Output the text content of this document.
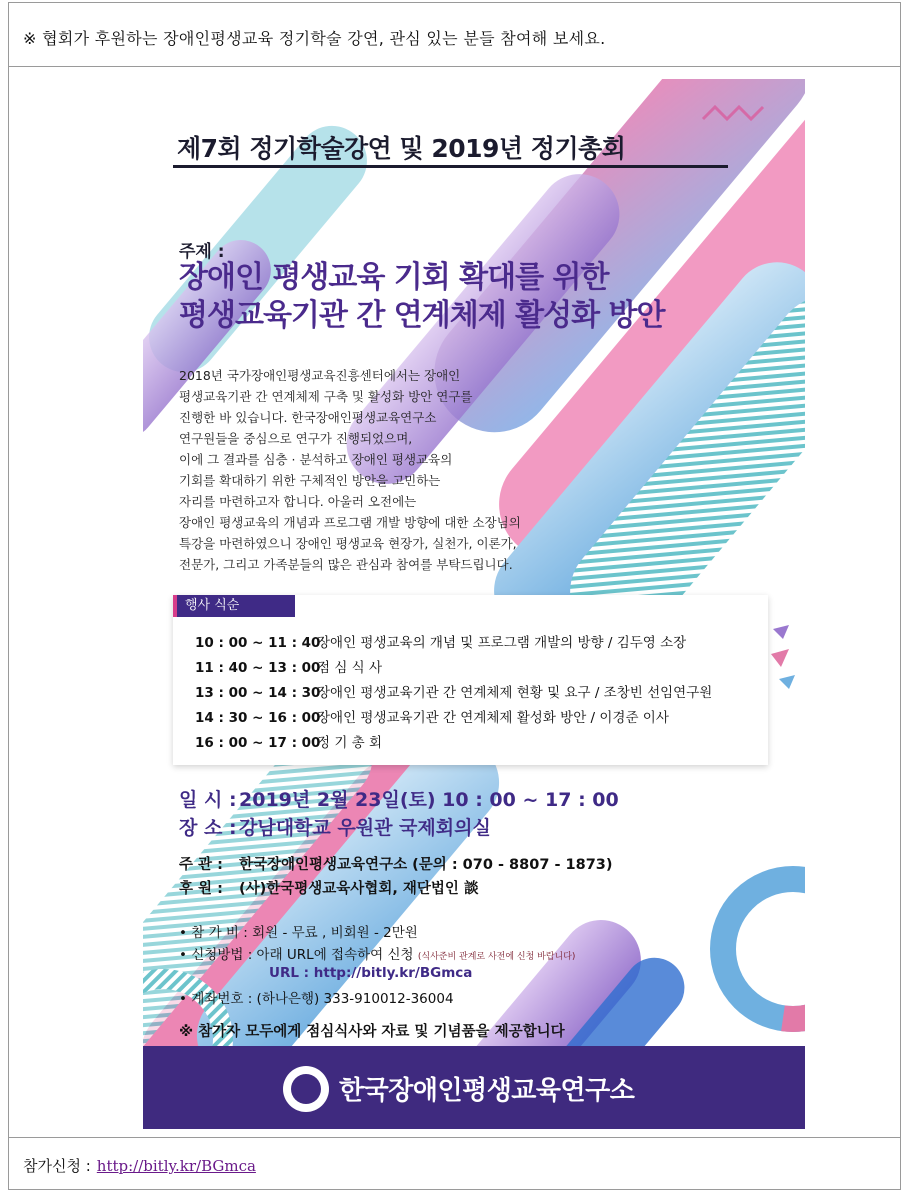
※ 협회가 후원하는 장애인평생교육 정기학술 강연, 관심 있는 분들 참여해 보세요.
제7회 정기학술강연 및 2019년 정기총회
주제 :
장애인 평생교육 기회 확대를 위한
평생교육기관 간 연계체제 활성화 방안
2018년 국가장애인평생교육진흥센터에서는 장애인
평생교육기관 간 연계체제 구축 및 활성화 방안 연구를
진행한 바 있습니다. 한국장애인평생교육연구소
연구원들을 중심으로 연구가 진행되었으며,
이에 그 결과를 심층 · 분석하고 장애인 평생교육의
기회를 확대하기 위한 구체적인 방안을 고민하는
자리를 마련하고자 합니다. 아울러 오전에는
장애인 평생교육의 개념과 프로그램 개발 방향에 대한 소장님의
특강을 마련하였으니 장애인 평생교육 현장가, 실천가, 이론가,
전문가, 그리고 가족분들의 많은 관심과 참여를 부탁드립니다.
행사 식순
10 : 00 ~ 11 : 40장애인 평생교육의 개념 및 프로그램 개발의 방향 / 김두영 소장
11 : 40 ~ 13 : 00점 심 식 사
13 : 00 ~ 14 : 30장애인 평생교육기관 간 연계체제 현황 및 요구 / 조창빈 선임연구원
14 : 30 ~ 16 : 00장애인 평생교육기관 간 연계체제 활성화 방안 / 이경준 이사
16 : 00 ~ 17 : 00정 기 총 회
일 시 : 2019년 2월 23일(토) 10 : 00 ~ 17 : 00
장 소 : 강남대학교 우원관 국제회의실
주 관 : 한국장애인평생교육연구소 (문의 : 070 - 8807 - 1873)
후 원 : (사)한국평생교육사협회, 재단법인 談
• 참 가 비 : 회원 - 무료 , 비회원 - 2만원
• 신청방법 : 아래 URL에 접속하여 신청 (식사준비 관계로 사전에 신청 바랍니다)
URL : http://bitly.kr/BGmca
• 계좌번호 : (하나은행) 333-910012-36004
※ 참가자 모두에게 점심식사와 자료 및 기념품을 제공합니다
한국장애인평생교육연구소
참가신청 : http://bitly.kr/BGmca
